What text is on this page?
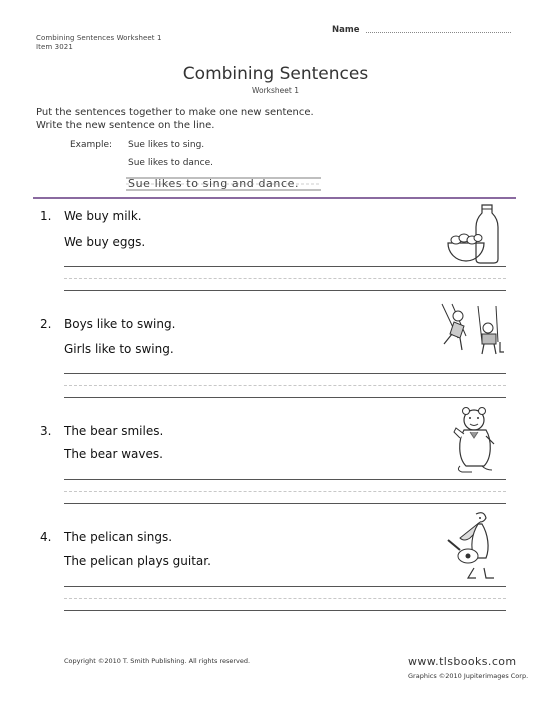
Name
Combining Sentences Worksheet 1
Item 3021
Combining Sentences
Worksheet 1
Put the sentences together to make one new sentence.
Write the new sentence on the line.
Example: Sue likes to sing.
Sue likes to dance.
Sue likes to sing and dance.
1. We buy milk.
We buy eggs.
2. Boys like to swing.
Girls like to swing.
3. The bear smiles.
The bear waves.
4. The pelican sings.
The pelican plays guitar.
Copyright ©2010 T. Smith Publishing. All rights reserved.	www.tlsbooks.com
Graphics ©2010 Jupiterimages Corp.
